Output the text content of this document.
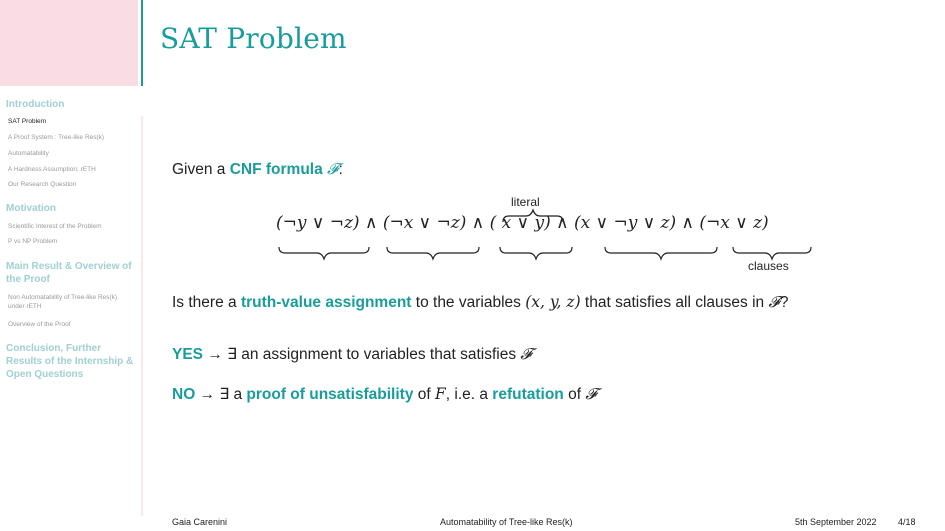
SAT Problem
Introduction
SAT Problem
A Proof System : Tree-like Res(k)
Automatability
A Hardness Assumption: rETH
Our Research Question
Motivation
Scientific Interest of the Problem
P vs NP Problem
Main Result & Overview of the Proof
Non Automatability of Tree-like Res(k) under rETH
Overview of the Proof
Conclusion, Further Results of the Internship & Open Questions
Given a CNF formula 𝓕:
literal
(¬y ∨ ¬z) ∧ (¬x ∨ ¬z) ∧ ( x ∨ y) ∧ (x ∨ ¬y ∨ z) ∧ (¬x ∨ z)
clauses
Is there a truth-value assignment to the variables (x, y, z) that satisfies all clauses in 𝓕?
YES → ∃ an assignment to variables that satisfies 𝓕
NO → ∃ a proof of unsatisfability of F, i.e. a refutation of 𝓕
Gaia Carenini	Automatability of Tree-like Res(k)	5th September 2022 4/18
